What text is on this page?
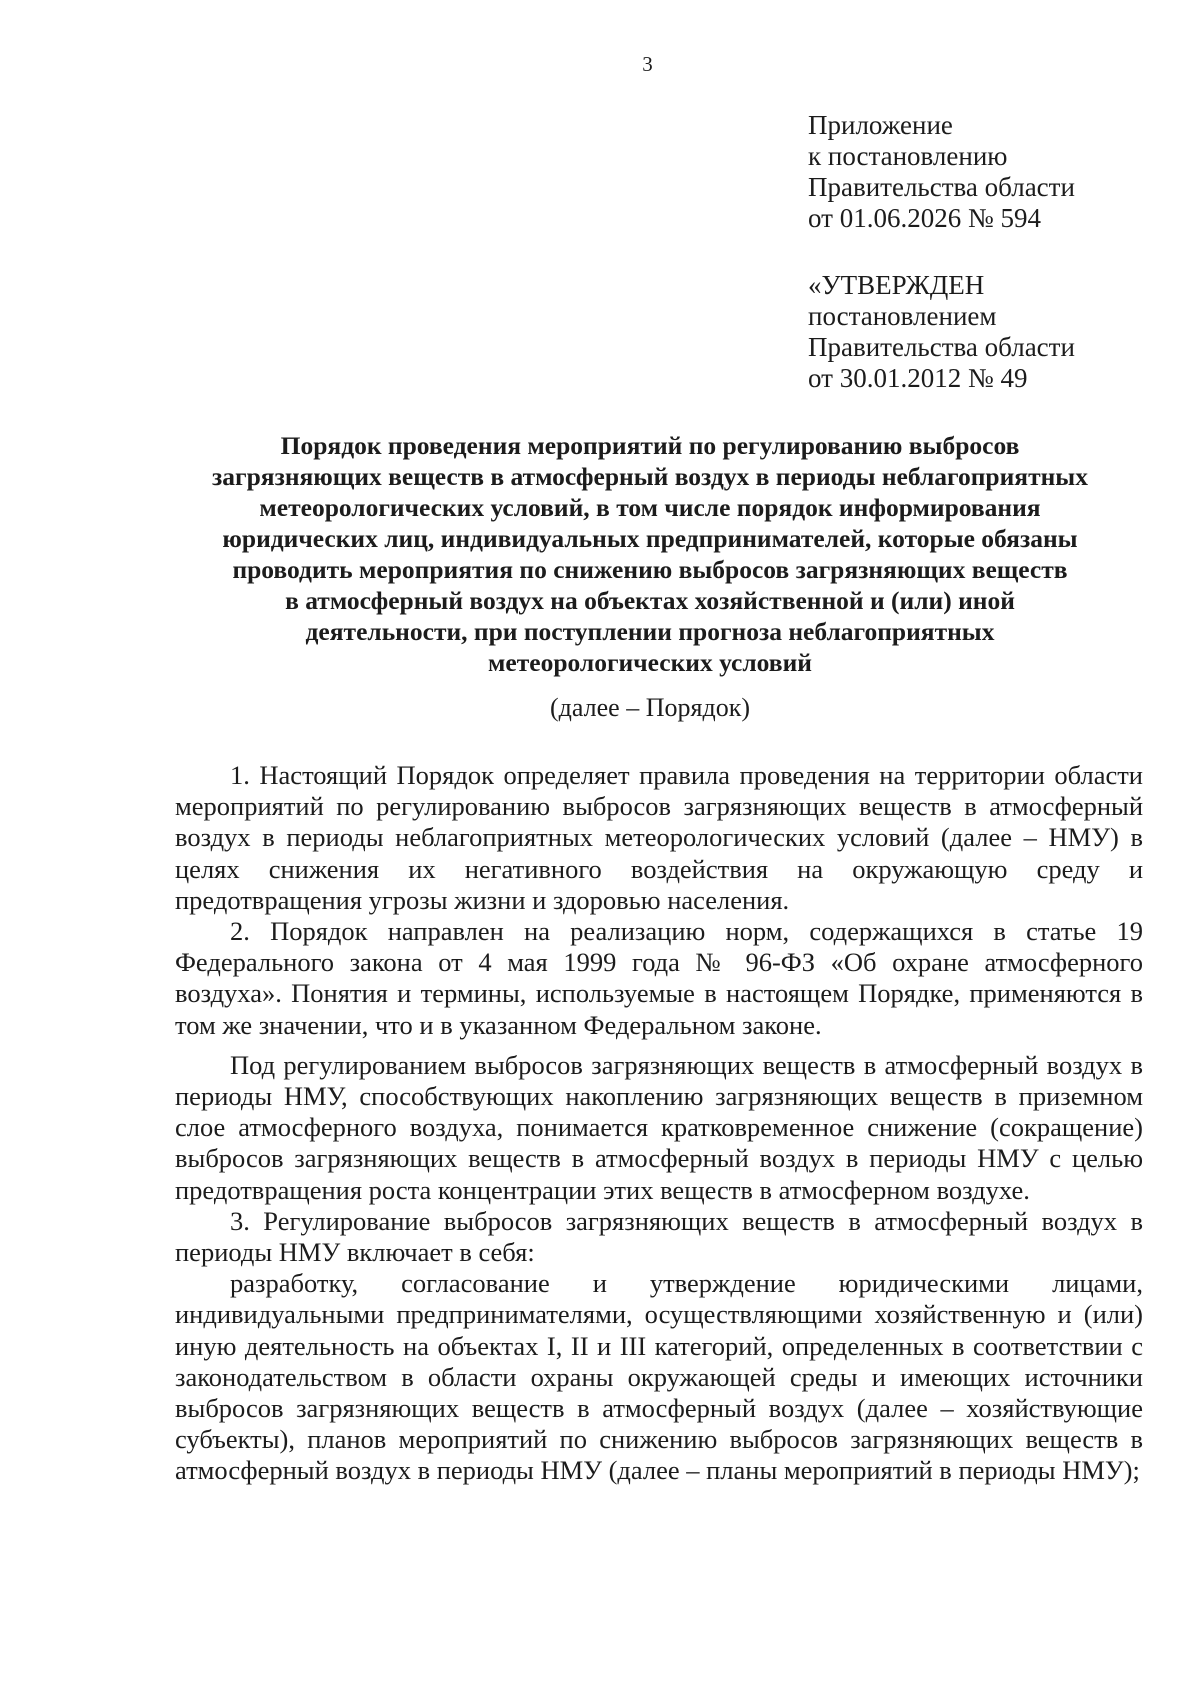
3
Приложение
к постановлению
Правительства области
от 01.06.2026 № 594
«УТВЕРЖДЕН
постановлением
Правительства области
от 30.01.2012 № 49
Порядок проведения мероприятий по регулированию выбросов
загрязняющих веществ в атмосферный воздух в периоды неблагоприятных
метеорологических условий, в том числе порядок информирования
юридических лиц, индивидуальных предпринимателей, которые обязаны
проводить мероприятия по снижению выбросов загрязняющих веществ
в атмосферный воздух на объектах хозяйственной и (или) иной
деятельности, при поступлении прогноза неблагоприятных
метеорологических условий
(далее – Порядок)

1. Настоящий Порядок определяет правила проведения на территории области мероприятий по регулированию выбросов загрязняющих веществ в атмосферный воздух в периоды неблагоприятных метеорологических условий (далее – НМУ) в целях снижения их негативного воздействия на окружающую среду и предотвращения угрозы жизни и здоровью населения.

2. Порядок направлен на реализацию норм, содержащихся в статье 19 Федерального закона от 4 мая 1999 года № 96-ФЗ «Об охране атмосферного воздуха». Понятия и термины, используемые в настоящем Порядке, применяются в том же значении, что и в указанном Федеральном законе.

Под регулированием выбросов загрязняющих веществ в атмосферный воздух в периоды НМУ, способствующих накоплению загрязняющих веществ в приземном слое атмосферного воздуха, понимается кратковременное снижение (сокращение) выбросов загрязняющих веществ в атмосферный воздух в периоды НМУ с целью предотвращения роста концентрации этих веществ в атмосферном воздухе.

3. Регулирование выбросов загрязняющих веществ в атмосферный воздух в периоды НМУ включает в себя:

разработку, согласование и утверждение юридическими лицами, индивидуальными предпринимателями, осуществляющими хозяйственную и (или) иную деятельность на объектах I, II и III категорий, определенных в соответствии с законодательством в области охраны окружающей среды и имеющих источники выбросов загрязняющих веществ в атмосферный воздух (далее – хозяйствующие субъекты), планов мероприятий по снижению выбросов загрязняющих веществ в атмосферный воздух в периоды НМУ (далее – планы мероприятий в периоды НМУ);
